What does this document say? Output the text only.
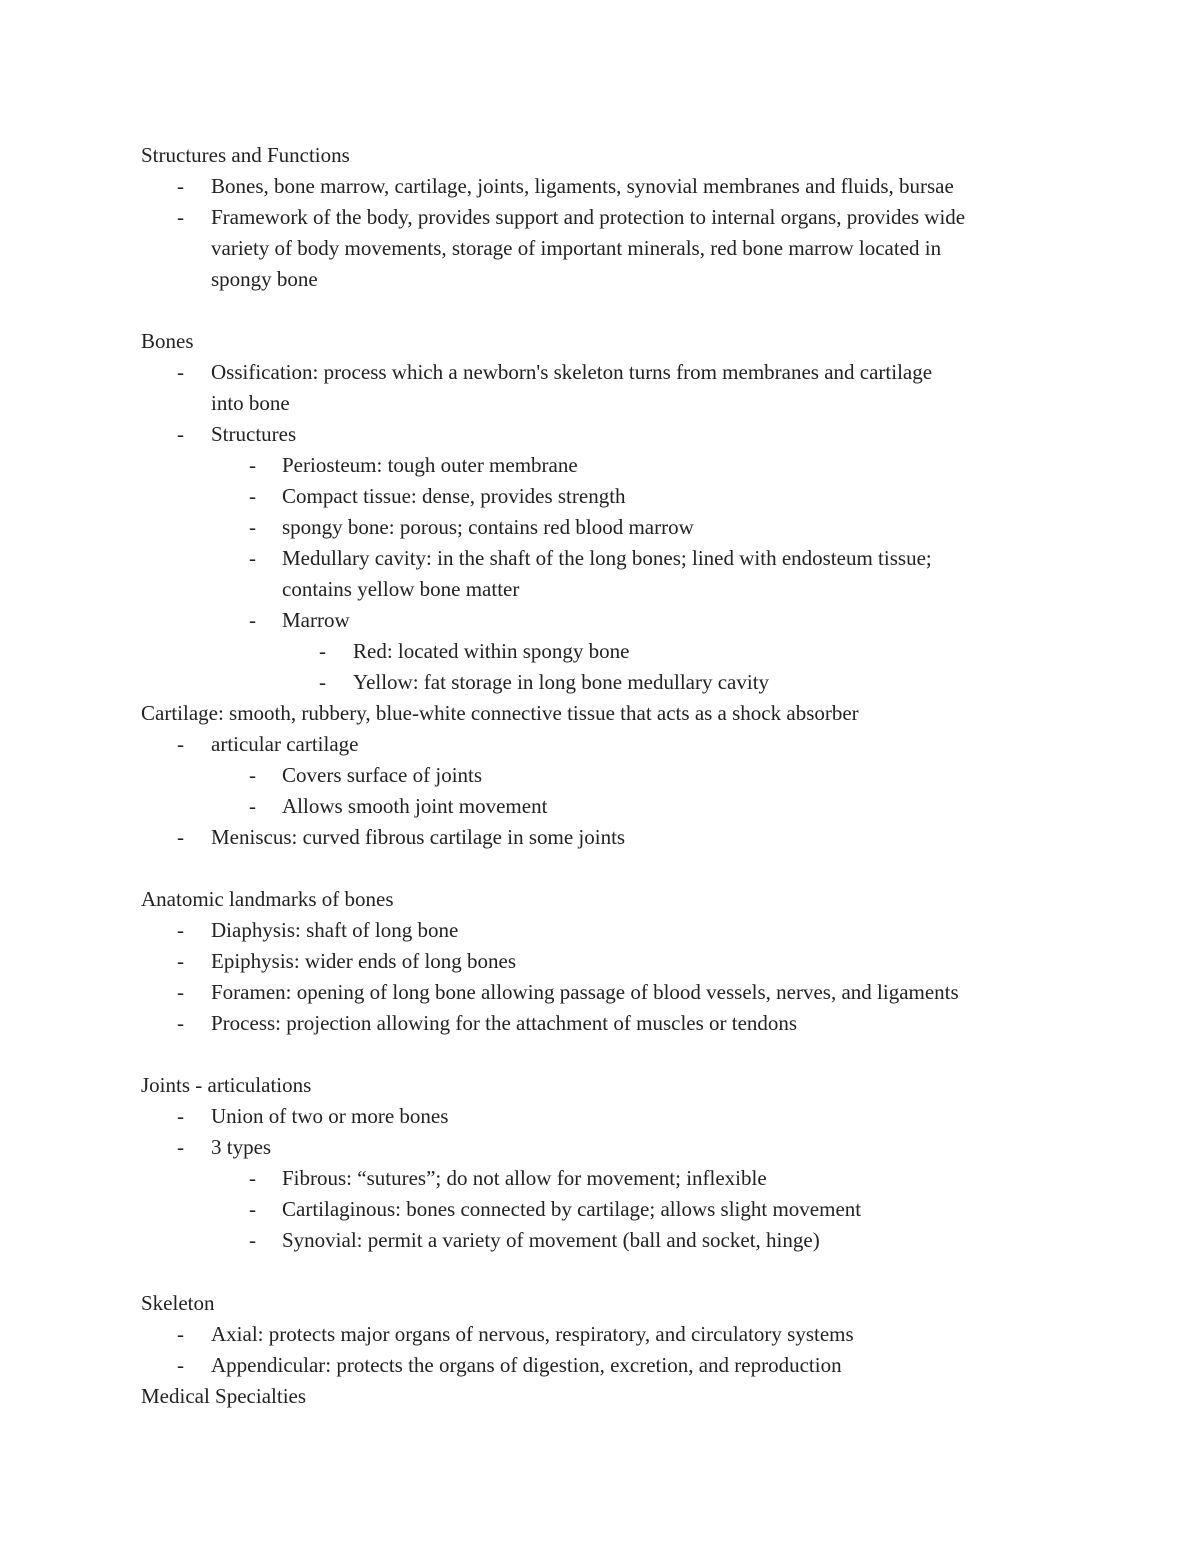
Structures and Functions
- Bones, bone marrow, cartilage, joints, ligaments, synovial membranes and fluids, bursae
- Framework of the body, provides support and protection to internal organs, provides wide
variety of body movements, storage of important minerals, red bone marrow located in
spongy bone
Bones
- Ossification: process which a newborn's skeleton turns from membranes and cartilage
into bone
- Structures
- Periosteum: tough outer membrane
- Compact tissue: dense, provides strength
- spongy bone: porous; contains red blood marrow
- Medullary cavity: in the shaft of the long bones; lined with endosteum tissue;
contains yellow bone matter
- Marrow
- Red: located within spongy bone
- Yellow: fat storage in long bone medullary cavity
Cartilage: smooth, rubbery, blue-white connective tissue that acts as a shock absorber
- articular cartilage
- Covers surface of joints
- Allows smooth joint movement
- Meniscus: curved fibrous cartilage in some joints
Anatomic landmarks of bones
- Diaphysis: shaft of long bone
- Epiphysis: wider ends of long bones
- Foramen: opening of long bone allowing passage of blood vessels, nerves, and ligaments
- Process: projection allowing for the attachment of muscles or tendons
Joints - articulations
- Union of two or more bones
- 3 types
- Fibrous: “sutures”; do not allow for movement; inflexible
- Cartilaginous: bones connected by cartilage; allows slight movement
- Synovial: permit a variety of movement (ball and socket, hinge)
Skeleton
- Axial: protects major organs of nervous, respiratory, and circulatory systems
- Appendicular: protects the organs of digestion, excretion, and reproduction
Medical Specialties
